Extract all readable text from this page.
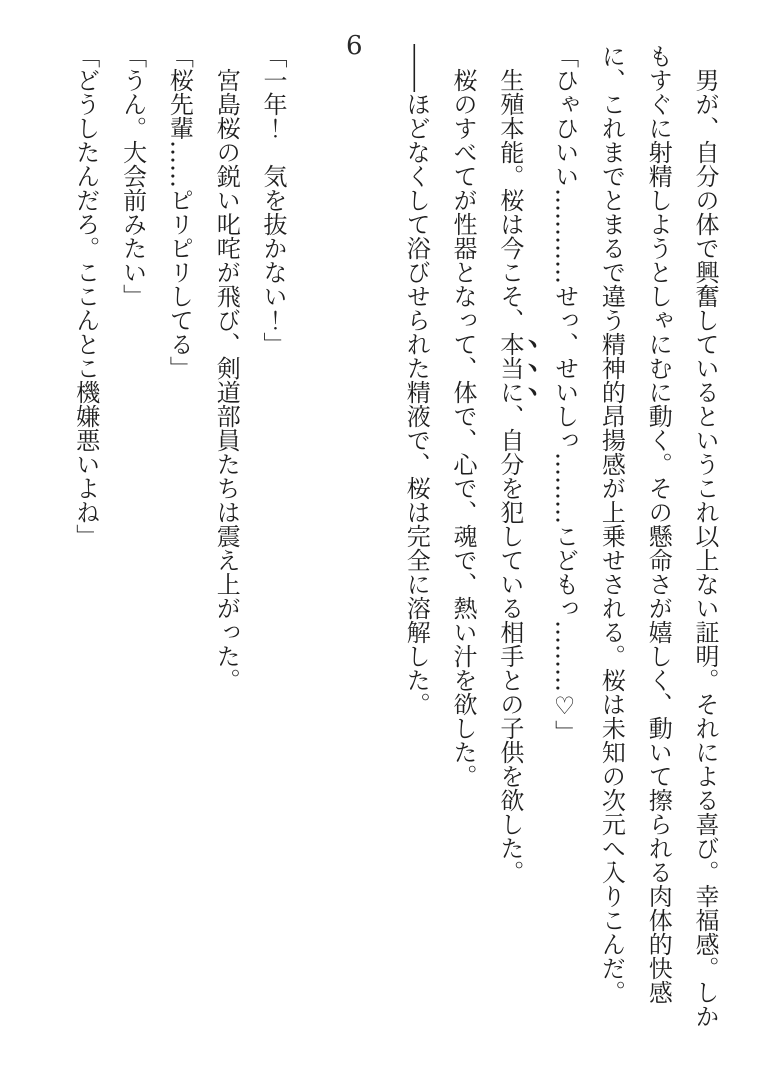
6

男が、自分の体で興奮しているというこれ以上ない証明。それによる喜び。幸福感。しかもすぐに射精しようとしゃにむに動く。その懸命さが嬉しく、動いて擦られる肉体的快感に、これまでとまるで違う精神的昂揚感が上乗せされる。桜は未知の次元へ入りこんだ。

「ひゃひいい…………せっ、せいしっ………こどもっ………♡」

生殖本能。桜は今こそ、本当に、自分を犯している相手との子供を欲した。

桜のすべてが性器となって、体で、心で、魂で、熱い汁を欲した。

――ほどなくして浴びせられた精液で、桜は完全に溶解した。

「一年！　気を抜かない！」

宮島桜の鋭い叱咤が飛び、剣道部員たちは震え上がった。

「桜先輩……ピリピリしてる」

「うん。大会前みたい」

「どうしたんだろ。ここんとこ機嫌悪いよね」
